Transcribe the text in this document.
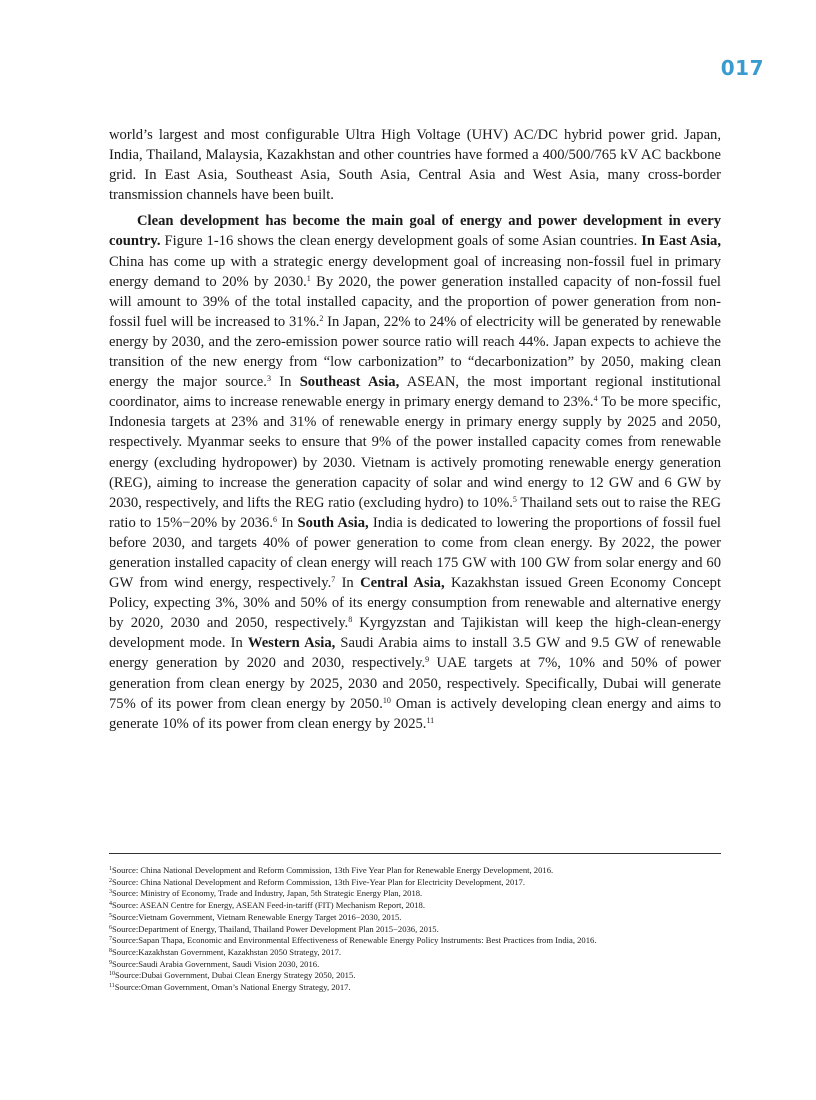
017

world’s largest and most configurable Ultra High Voltage (UHV) AC/DC hybrid power grid. Japan, India, Thailand, Malaysia, Kazakhstan and other countries have formed a 400/500/765 kV AC backbone grid. In East Asia, Southeast Asia, South Asia, Central Asia and West Asia, many cross-border transmission channels have been built.

Clean development has become the main goal of energy and power development in every country. Figure 1-16 shows the clean energy development goals of some Asian countries. In East Asia, China has come up with a strategic energy development goal of increasing non-fossil fuel in primary energy demand to 20% by 2030.$^1$ By 2020, the power generation installed capacity of non-fossil fuel will amount to 39% of the total installed capacity, and the proportion of power generation from non-fossil fuel will be increased to 31%.$^2$ In Japan, 22% to 24% of electricity will be generated by renewable energy by 2030, and the zero-emission power source ratio will reach 44%. Japan expects to achieve the transition of the new energy from “low carbonization” to “decarbonization” by 2050, making clean energy the major source.$^3$ In Southeast Asia, ASEAN, the most important regional institutional coordinator, aims to increase renewable energy in primary energy demand to 23%.$^4$ To be more specific, Indonesia targets at 23% and 31% of renewable energy in primary energy supply by 2025 and 2050, respectively. Myanmar seeks to ensure that 9% of the power installed capacity comes from renewable energy (excluding hydropower) by 2030. Vietnam is actively promoting renewable energy generation (REG), aiming to increase the generation capacity of solar and wind energy to 12 GW and 6 GW by 2030, respectively, and lifts the REG ratio (excluding hydro) to 10%.$^5$ Thailand sets out to raise the REG ratio to 15%−20% by 2036.$^6$ In South Asia, India is dedicated to lowering the proportions of fossil fuel before 2030, and targets 40% of power generation to come from clean energy. By 2022, the power generation installed capacity of clean energy will reach 175 GW with 100 GW from solar energy and 60 GW from wind energy, respectively.$^7$ In Central Asia, Kazakhstan issued Green Economy Concept Policy, expecting 3%, 30% and 50% of its energy consumption from renewable and alternative energy by 2020, 2030 and 2050, respectively.$^8$ Kyrgyzstan and Tajikistan will keep the high-clean-energy development mode. In Western Asia, Saudi Arabia aims to install 3.5 GW and 9.5 GW of renewable energy generation by 2020 and 2030, respectively.$^9$ UAE targets at 7%, 10% and 50% of power generation from clean energy by 2025, 2030 and 2050, respectively. Specifically, Dubai will generate 75% of its power from clean energy by 2050.10 Oman is actively developing clean energy and aims to generate 10% of its power from clean energy by 2025.11

$^1$Source: China National Development and Reform Commission, 13th Five Year Plan for Renewable Energy Development, 2016.
$^2$Source: China National Development and Reform Commission, 13th Five-Year Plan for Electricity Development, 2017.
$^3$Source: Ministry of Economy, Trade and Industry, Japan, 5th Strategic Energy Plan, 2018.
$^4$Source: ASEAN Centre for Energy, ASEAN Feed-in-tariff (FIT) Mechanism Report, 2018.
$^5$Source:Vietnam Government, Vietnam Renewable Energy Target 2016−2030, 2015.
$^6$Source:Department of Energy, Thailand, Thailand Power Development Plan 2015−2036, 2015.
$^7$Source:Sapan Thapa, Economic and Environmental Effectiveness of Renewable Energy Policy Instruments: Best Practices from India, 2016.
$^8$Source:Kazakhstan Government, Kazakhstan 2050 Strategy, 2017.
$^9$Source:Saudi Arabia Government, Saudi Vision 2030, 2016.
$^{10}$Source:Dubai Government, Dubai Clean Energy Strategy 2050, 2015.
$^{11}$Source:Oman Government, Oman’s National Energy Strategy, 2017.
